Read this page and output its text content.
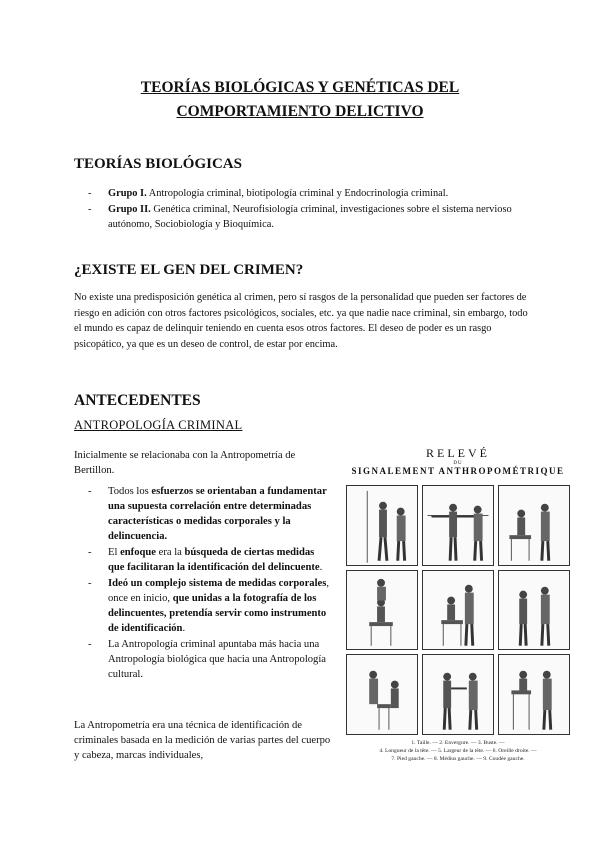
TEORÍAS BIOLÓGICAS Y GENÉTICAS DEL
COMPORTAMIENTO DELICTIVO
TEORÍAS BIOLÓGICAS
- Grupo I. Antropología criminal, biotipología criminal y Endocrinología criminal.
- Grupo II. Genética criminal, Neurofisiología criminal, investigaciones sobre el sistema nervioso autónomo, Sociobiología y Bioquímica.
¿EXISTE EL GEN DEL CRIMEN?
No existe una predisposición genética al crimen, pero sí rasgos de la personalidad que pueden ser factores de riesgo en adición con otros factores psicológicos, sociales, etc. ya que nadie nace criminal, sin embargo, todo el mundo es capaz de delinquir teniendo en cuenta esos otros factores. El deseo de poder es un rasgo psicopático, ya que es un deseo de control, de estar por encima.
ANTECEDENTES
ANTROPOLOGÍA CRIMINAL
Inicialmente se relacionaba con la Antropometría de Bertillon.
- Todos los esfuerzos se orientaban a fundamentar una supuesta correlación entre determinadas características o medidas corporales y la delincuencia.
- El enfoque era la búsqueda de ciertas medidas que facilitaran la identificación del delincuente.
- Ideó un complejo sistema de medidas corporales, once en inicio, que unidas a la fotografía de los delincuentes, pretendía servir como instrumento de identificación.
- La Antropología criminal apuntaba más hacia una Antropología biológica que hacia una Antropología cultural.
La Antropometría era una técnica de identificación de criminales basada en la medición de varias partes del cuerpo y cabeza, marcas individuales,
RELEVÉ
DU
SIGNALEMENT ANTHROPOMÉTRIQUE
1. Taille. — 2. Envergure. — 3. Buste. —
4. Longueur de la tête. — 5. Largeur de la tête. — 6. Oreille droite. —
7. Pied gauche. — 8. Médius gauche. — 9. Coudée gauche.
